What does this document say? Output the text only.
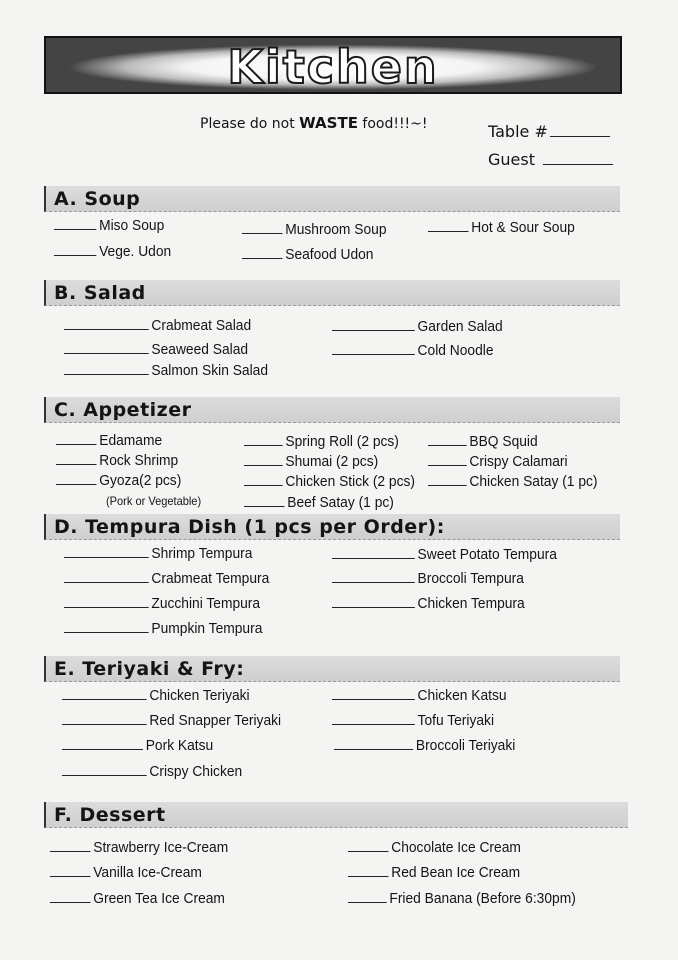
Kitchen
Please do not WASTE food!!!~!	Table #
Guest
A. Soup
Miso Soup	Mushroom Soup	Hot & Sour Soup
Vege. Udon	Seafood Udon
B. Salad
Crabmeat Salad	Garden Salad
Seaweed Salad	Cold Noodle
Salmon Skin Salad
C. Appetizer
Edamame	Spring Roll (2 pcs)	BBQ Squid
Rock Shrimp	Shumai (2 pcs)	Crispy Calamari
Gyoza(2 pcs)	Chicken Stick (2 pcs)	Chicken Satay (1 pc)
(Pork or Vegetable)	Beef Satay (1 pc)
D. Tempura Dish (1 pcs per Order):
Shrimp Tempura	Sweet Potato Tempura
Crabmeat Tempura	Broccoli Tempura
Zucchini Tempura	Chicken Tempura
Pumpkin Tempura
E. Teriyaki & Fry:
Chicken Teriyaki	Chicken Katsu
Red Snapper Teriyaki	Tofu Teriyaki
Pork Katsu	Broccoli Teriyaki
Crispy Chicken
F. Dessert
Strawberry Ice-Cream	Chocolate Ice Cream
Vanilla Ice-Cream	Red Bean Ice Cream
Green Tea Ice Cream	Fried Banana (Before 6:30pm)
